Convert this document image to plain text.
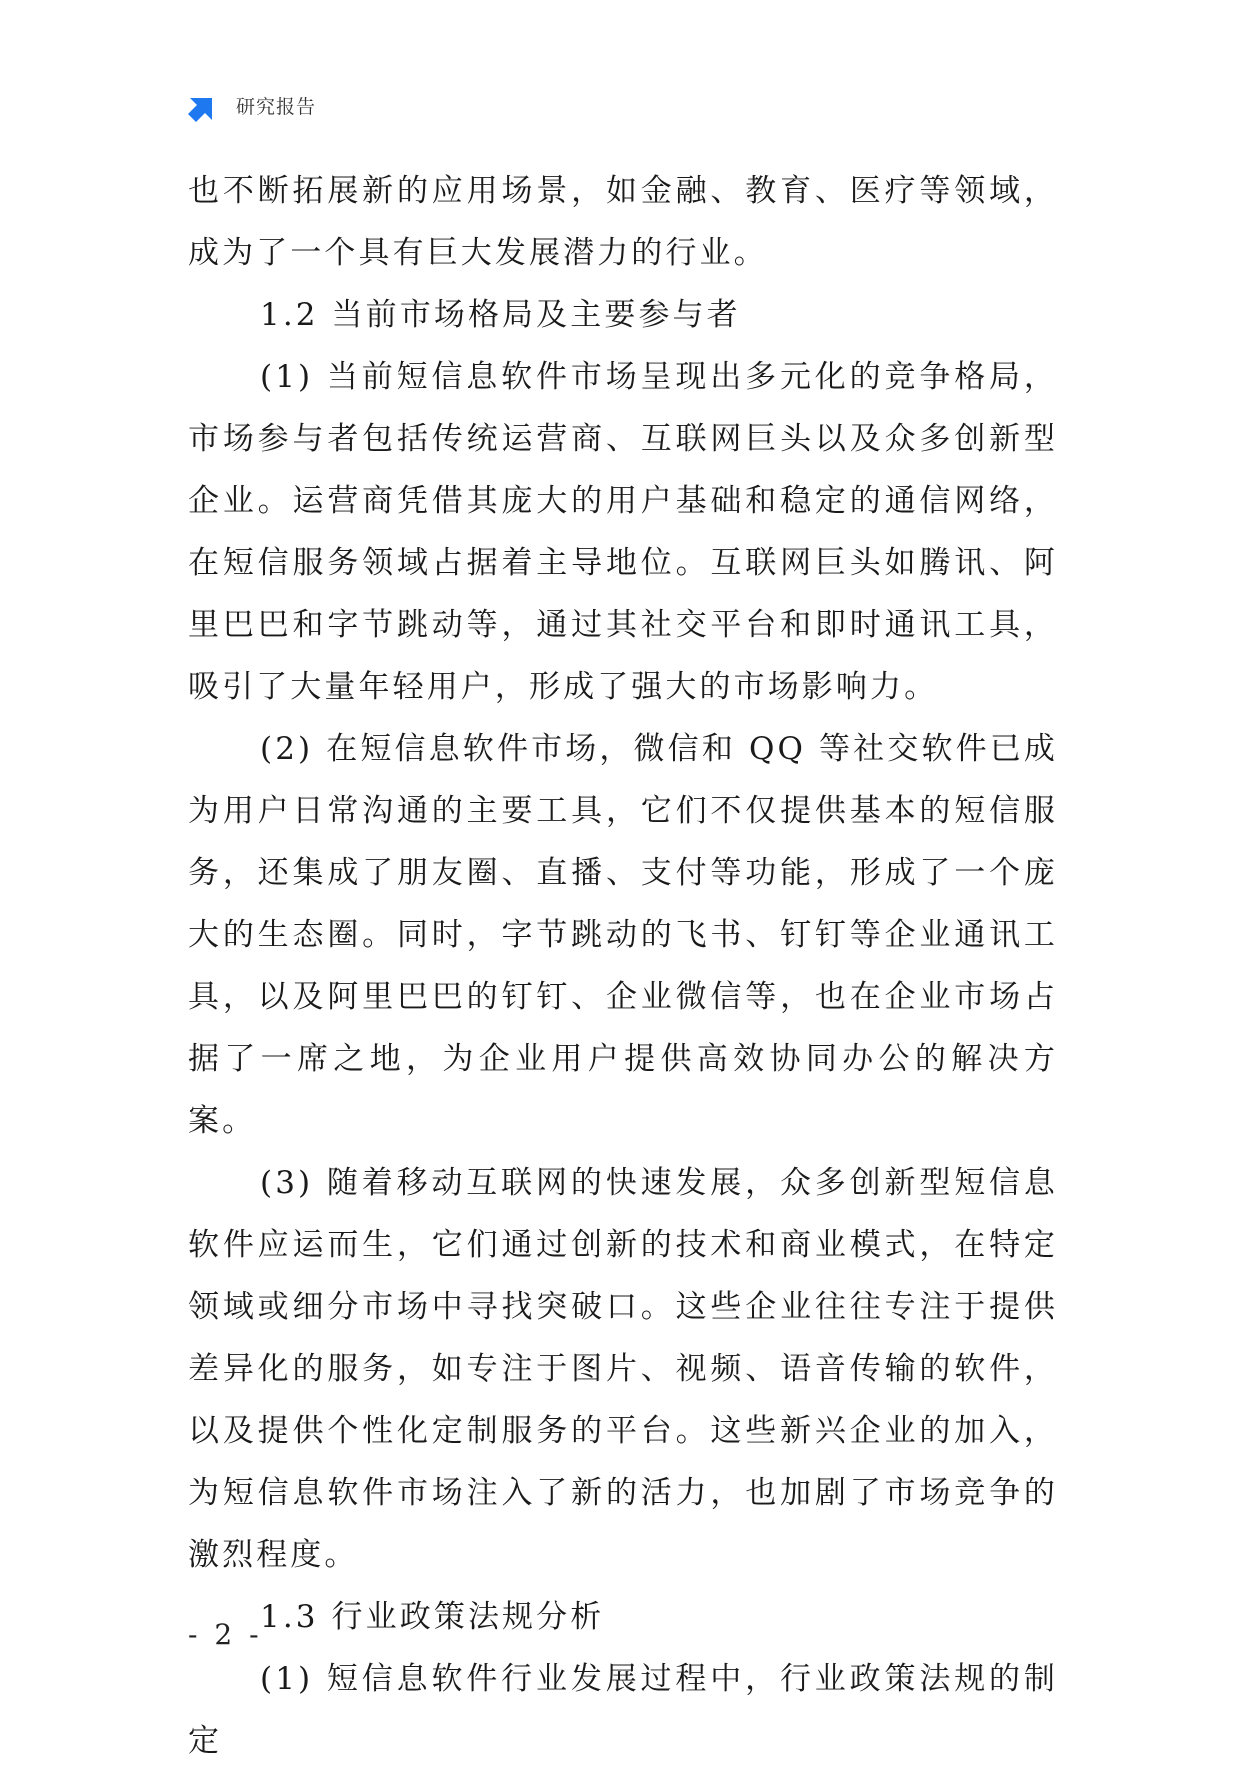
研究报告

也不断拓展新的应用场景，如金融、教育、医疗等领域，成为了一个具有巨大发展潜力的行业。

1.2 当前市场格局及主要参与者

(1) 当前短信息软件市场呈现出多元化的竞争格局，市场参与者包括传统运营商、互联网巨头以及众多创新型企业。运营商凭借其庞大的用户基础和稳定的通信网络，在短信服务领域占据着主导地位。互联网巨头如腾讯、阿里巴巴和字节跳动等，通过其社交平台和即时通讯工具，吸引了大量年轻用户，形成了强大的市场影响力。

(2) 在短信息软件市场，微信和 QQ 等社交软件已成为用户日常沟通的主要工具，它们不仅提供基本的短信服务，还集成了朋友圈、直播、支付等功能，形成了一个庞大的生态圈。同时，字节跳动的飞书、钉钉等企业通讯工具，以及阿里巴巴的钉钉、企业微信等，也在企业市场占据了一席之地，为企业用户提供高效协同办公的解决方案。

(3) 随着移动互联网的快速发展，众多创新型短信息软件应运而生，它们通过创新的技术和商业模式，在特定领域或细分市场中寻找突破口。这些企业往往专注于提供差异化的服务，如专注于图片、视频、语音传输的软件，以及提供个性化定制服务的平台。这些新兴企业的加入，为短信息软件市场注入了新的活力，也加剧了市场竞争的激烈程度。

1.3 行业政策法规分析

(1) 短信息软件行业发展过程中，行业政策法规的制定

- 2 -
